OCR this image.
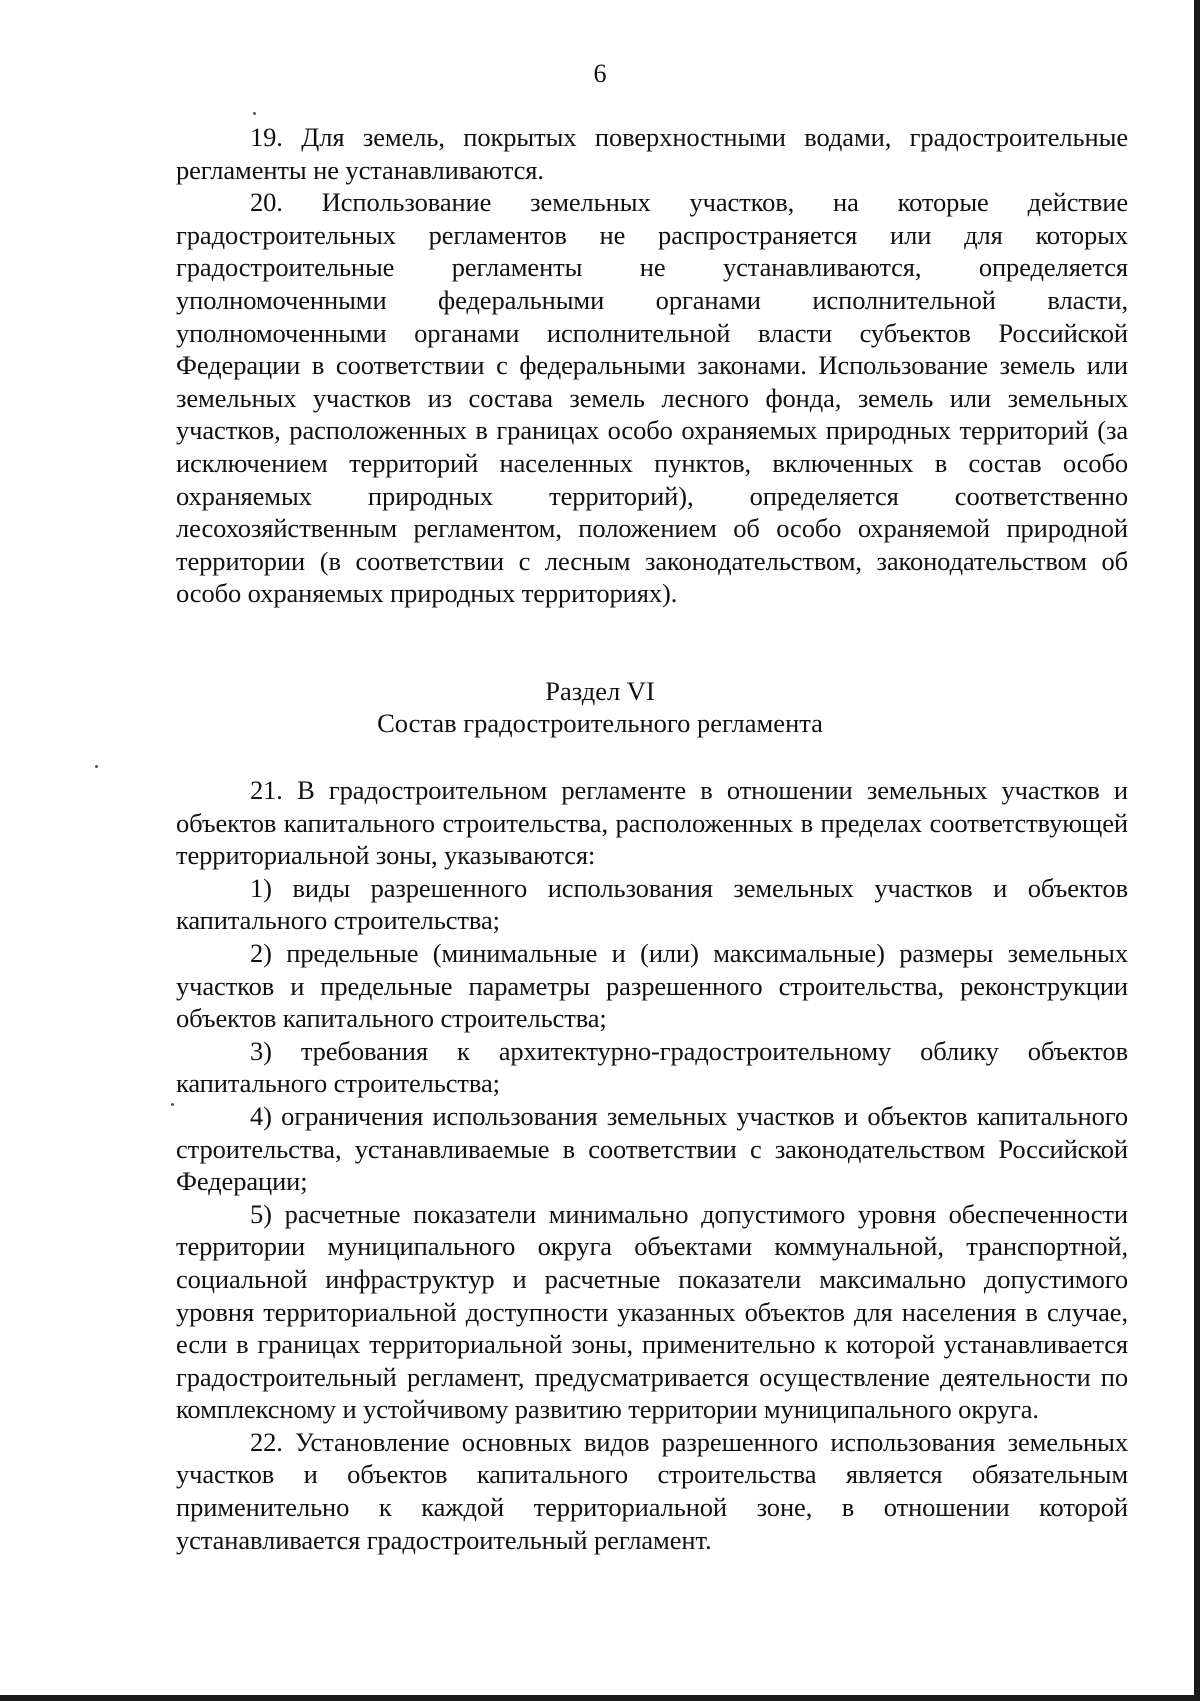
6

19. Для земель, покрытых поверхностными водами, градостроительные регламенты не устанавливаются.

20. Использование земельных участков, на которые действие градостроительных регламентов не распространяется или для которых градостроительные регламенты не устанавливаются, определяется уполномоченными федеральными органами исполнительной власти, уполномоченными органами исполнительной власти субъектов Российской Федерации в соответствии с федеральными законами. Использование земель или земельных участков из состава земель лесного фонда, земель или земельных участков, расположенных в границах особо охраняемых природных территорий (за исключением территорий населенных пунктов, включенных в состав особо охраняемых природных территорий), определяется соответственно лесохозяйственным регламентом, положением об особо охраняемой природной территории (в соответствии с лесным законодательством, законодательством об особо охраняемых природных территориях).

Раздел VI

Состав градостроительного регламента

21. В градостроительном регламенте в отношении земельных участков и объектов капитального строительства, расположенных в пределах соответствующей территориальной зоны, указываются:

1) виды разрешенного использования земельных участков и объектов капитального строительства;

2) предельные (минимальные и (или) максимальные) размеры земельных участков и предельные параметры разрешенного строительства, реконструкции объектов капитального строительства;

3) требования к архитектурно-градостроительному облику объектов капитального строительства;

4) ограничения использования земельных участков и объектов капитального строительства, устанавливаемые в соответствии с законодательством Российской Федерации;

5) расчетные показатели минимально допустимого уровня обеспеченности территории муниципального округа объектами коммунальной, транспортной, социальной инфраструктур и расчетные показатели максимально допустимого уровня территориальной доступности указанных объектов для населения в случае, если в границах территориальной зоны, применительно к которой устанавливается градостроительный регламент, предусматривается осуществление деятельности по комплексному и устойчивому развитию территории муниципального округа.

22. Установление основных видов разрешенного использования земельных участков и объектов капитального строительства является обязательным применительно к каждой территориальной зоне, в отношении которой устанавливается градостроительный регламент.
